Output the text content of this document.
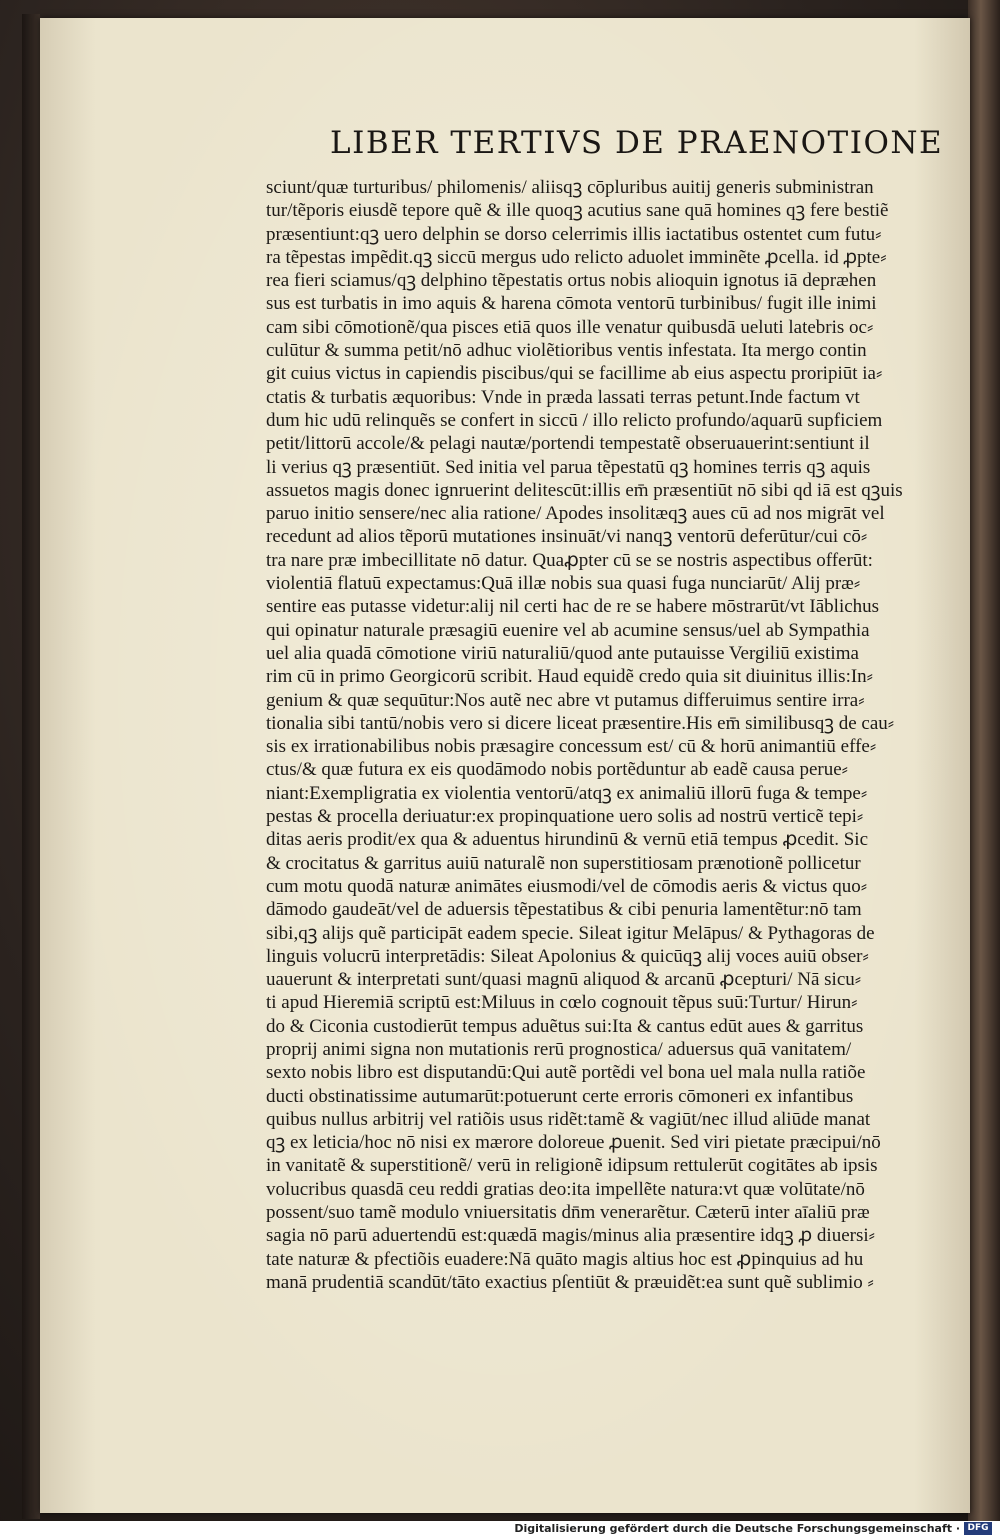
LIBER TERTIVS DE PRAENOTIONE
sciunt/quæ turturibus/ philomenis/ aliisqꝫ cōpluribus auitij generis subministran
tur/tẽporis eiusdẽ tepore quẽ & ille quoqꝫ acutius sane quā homines qꝫ fere bestiẽ
præsentiunt:qꝫ uero delphin se dorso celerrimis illis iactatibus ostentet cum futu⸗
ra tẽpestas impẽdit.qꝫ siccū mergus udo relicto aduolet imminẽte ꝓcella. id ꝓpte⸗
rea fieri sciamus/qꝫ delphino tẽpestatis ortus nobis alioquin ignotus iā depræhen
sus est turbatis in imo aquis & harena cōmota ventorū turbinibus/ fugit ille inimi
cam sibi cōmotionẽ/qua pisces etiā quos ille venatur quibusdā ueluti latebris oc⸗
culūtur & summa petit/nō adhuc violẽtioribus ventis infestata. Ita mergo contin
git cuius victus in capiendis piscibus/qui se facillime ab eius aspectu proripiūt ia⸗
ctatis & turbatis æquoribus: Vnde in præda lassati terras petunt.Inde factum vt
dum hic udū relinquẽs se confert in siccū / illo relicto profundo/aquarū supficiem
petit/littorū accole/& pelagi nautæ/portendi tempestatẽ obseruauerint:sentiunt il
li verius qꝫ præsentiūt. Sed initia vel parua tẽpestatū qꝫ homines terris qꝫ aquis
assuetos magis donec ignruerint delitescūt:illis em̄ præsentiūt nō sibi qd iā est qꝫuis
paruo initio sensere/nec alia ratione/ Apodes insolitæqꝫ aues cū ad nos migrāt vel
recedunt ad alios tẽporū mutationes insinuāt/vi nanqꝫ ventorū deferūtur/cui cō⸗
tra nare præ imbecillitate nō datur. Quaꝓpter cū se se nostris aspectibus offerūt:
violentiā flatuū expectamus:Quā illæ nobis sua quasi fuga nunciarūt/ Alij præ⸗
sentire eas putasse videtur:alij nil certi hac de re se habere mōstrarūt/vt Iāblichus
qui opinatur naturale præsagiū euenire vel ab acumine sensus/uel ab Sympathia
uel alia quadā cōmotione viriū naturaliū/quod ante putauisse Vergiliū existima
rim cū in primo Georgicorū scribit. Haud equidẽ credo quia sit diuinitus illis:In⸗
genium & quæ sequūtur:Nos autẽ nec abre vt putamus differuimus sentire irra⸗
tionalia sibi tantū/nobis vero si dicere liceat præsentire.His em̄ similibusqꝫ de cau⸗
sis ex irrationabilibus nobis præsagire concessum est/ cū & horū animantiū effe⸗
ctus/& quæ futura ex eis quodāmodo nobis portẽduntur ab eadẽ causa perue⸗
niant:Exempligratia ex violentia ventorū/atqꝫ ex animaliū illorū fuga & tempe⸗
pestas & procella deriuatur:ex propinquatione uero solis ad nostrū verticẽ tepi⸗
ditas aeris prodit/ex qua & aduentus hirundinū & vernū etiā tempus ꝓcedit. Sic
& crocitatus & garritus auiū naturalẽ non superstitiosam prænotionẽ pollicetur
cum motu quodā naturæ animātes eiusmodi/vel de cōmodis aeris & victus quo⸗
dāmodo gaudeāt/vel de aduersis tẽpestatibus & cibi penuria lamentẽtur:nō tam
sibi,qꝫ alijs quẽ participāt eadem specie. Sileat igitur Melāpus/ & Pythagoras de
linguis volucrū interpretādis: Sileat Apolonius & quicūqꝫ alij voces auiū obser⸗
uauerunt & interpretati sunt/quasi magnū aliquod & arcanū ꝓcepturi/ Nā sicu⸗
ti apud Hieremiā scriptū est:Miluus in cœlo cognouit tẽpus suū:Turtur/ Hirun⸗
do & Ciconia custodierūt tempus aduẽtus sui:Ita & cantus edūt aues & garritus
proprij animi signa non mutationis rerū prognostica/ aduersus quā vanitatem/
sexto nobis libro est disputandū:Qui autẽ portẽdi vel bona uel mala nulla ratiõe
ducti obstinatissime autumarūt:potuerunt certe erroris cōmoneri ex infantibus
quibus nullus arbitrij vel ratiõis usus ridẽt:tamẽ & vagiūt/nec illud aliūde manat
qꝫ ex leticia/hoc nō nisi ex mærore doloreue ꝓuenit. Sed viri pietate præcipui/nō
in vanitatẽ & superstitionẽ/ verū in religionẽ idipsum rettulerūt cogitātes ab ipsis
volucribus quasdā ceu reddi gratias deo:ita impellẽte natura:vt quæ volūtate/nō
possent/suo tamẽ modulo vniuersitatis dn̄m venerarẽtur. Cæterū inter aīaliū præ
sagia nō parū aduertendū est:quædā magis/minus alia præsentire idqꝫ ꝓ diuersi⸗
tate naturæ & pfectiõis euadere:Nā quāto magis altius hoc est ꝓpinquius ad hu
manā prudentiā scandūt/tāto exactius pſentiūt & præuidẽt:ea sunt quẽ sublimio ⸗
Digitalisierung gefördert durch die Deutsche Forschungsgemeinschaft · DFG
